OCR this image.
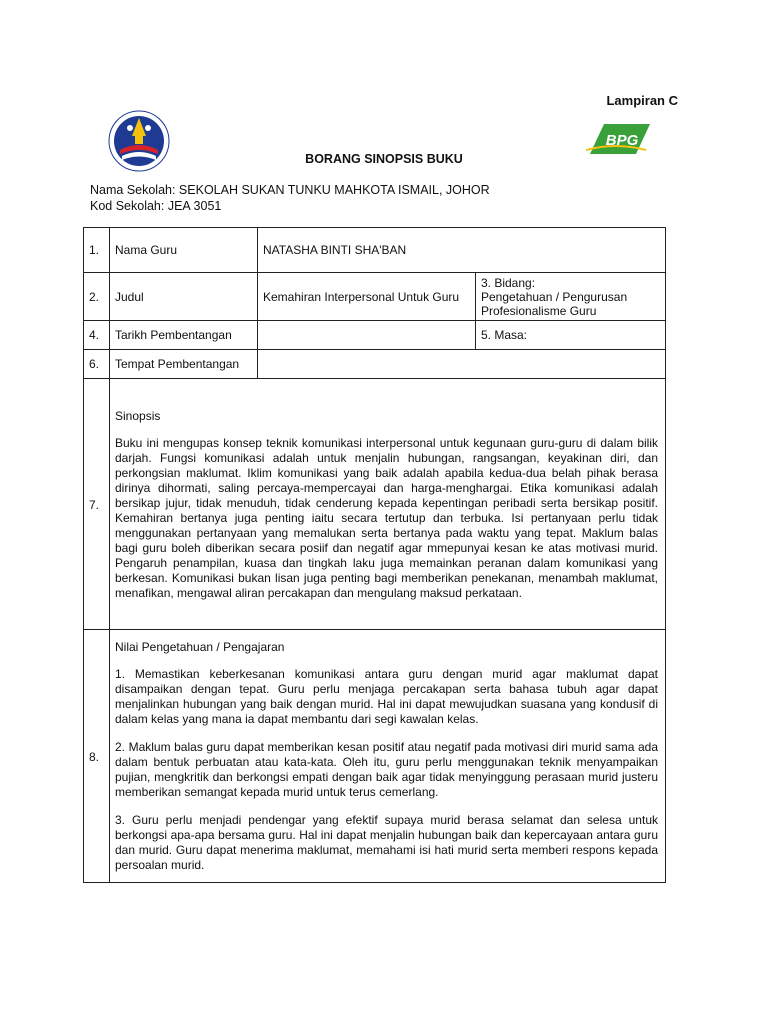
Lampiran C
BPG
BORANG SINOPSIS BUKU
Nama Sekolah: SEKOLAH SUKAN TUNKU MAHKOTA ISMAIL, JOHOR
Kod Sekolah: JEA 3051
1.	Nama Guru	NATASHA BINTI SHA'BAN	
2.	Judul	Kemahiran Interpersonal Untuk Guru	3. Bidang:
Pengetahuan / Pengurusan Profesionalisme Guru

4.	Tarikh Pembentangan		5. Masa:
6.	Tempat Pembentangan		
7.	Sinopsis

Buku ini mengupas konsep teknik komunikasi interpersonal untuk kegunaan guru-guru di dalam bilik darjah. Fungsi komunikasi adalah untuk menjalin hubungan, rangsangan, keyakinan diri, dan perkongsian maklumat. Iklim komunikasi yang baik adalah apabila kedua-dua belah pihak berasa dirinya dihormati, saling percaya-mempercayai dan harga-menghargai. Etika komunikasi adalah bersikap jujur, tidak menuduh, tidak cenderung kepada kepentingan peribadi serta bersikap positif. Kemahiran bertanya juga penting iaitu secara tertutup dan terbuka. Isi pertanyaan perlu tidak menggunakan pertanyaan yang memalukan serta bertanya pada waktu yang tepat. Maklum balas bagi guru boleh diberikan secara posiif dan negatif agar mmepunyai kesan ke atas motivasi murid. Pengaruh penampilan, kuasa dan tingkah laku juga memainkan peranan dalam komunikasi yang berkesan. Komunikasi bukan lisan juga penting bagi memberikan penekanan, menambah maklumat, menafikan, mengawal aliran percakapan dan mengulang maksud perkataan.		

8.	Nilai Pengetahuan / Pengajaran

1. Memastikan keberkesanan komunikasi antara guru dengan murid agar maklumat dapat disampaikan dengan tepat. Guru perlu menjaga percakapan serta bahasa tubuh agar dapat menjalinkan hubungan yang baik dengan murid. Hal ini dapat mewujudkan suasana yang kondusif di dalam kelas yang mana ia dapat membantu dari segi kawalan kelas.

2. Maklum balas guru dapat memberikan kesan positif atau negatif pada motivasi diri murid sama ada dalam bentuk perbuatan atau kata-kata. Oleh itu, guru perlu menggunakan teknik menyampaikan pujian, mengkritik dan berkongsi empati dengan baik agar tidak menyinggung perasaan murid justeru memberikan semangat kepada murid untuk terus cemerlang.

3. Guru perlu menjadi pendengar yang efektif supaya murid berasa selamat dan selesa untuk berkongsi apa-apa bersama guru. Hal ini dapat menjalin hubungan baik dan kepercayaan antara guru dan murid. Guru dapat menerima maklumat, memahami isi hati murid serta memberi respons kepada persoalan murid.		
